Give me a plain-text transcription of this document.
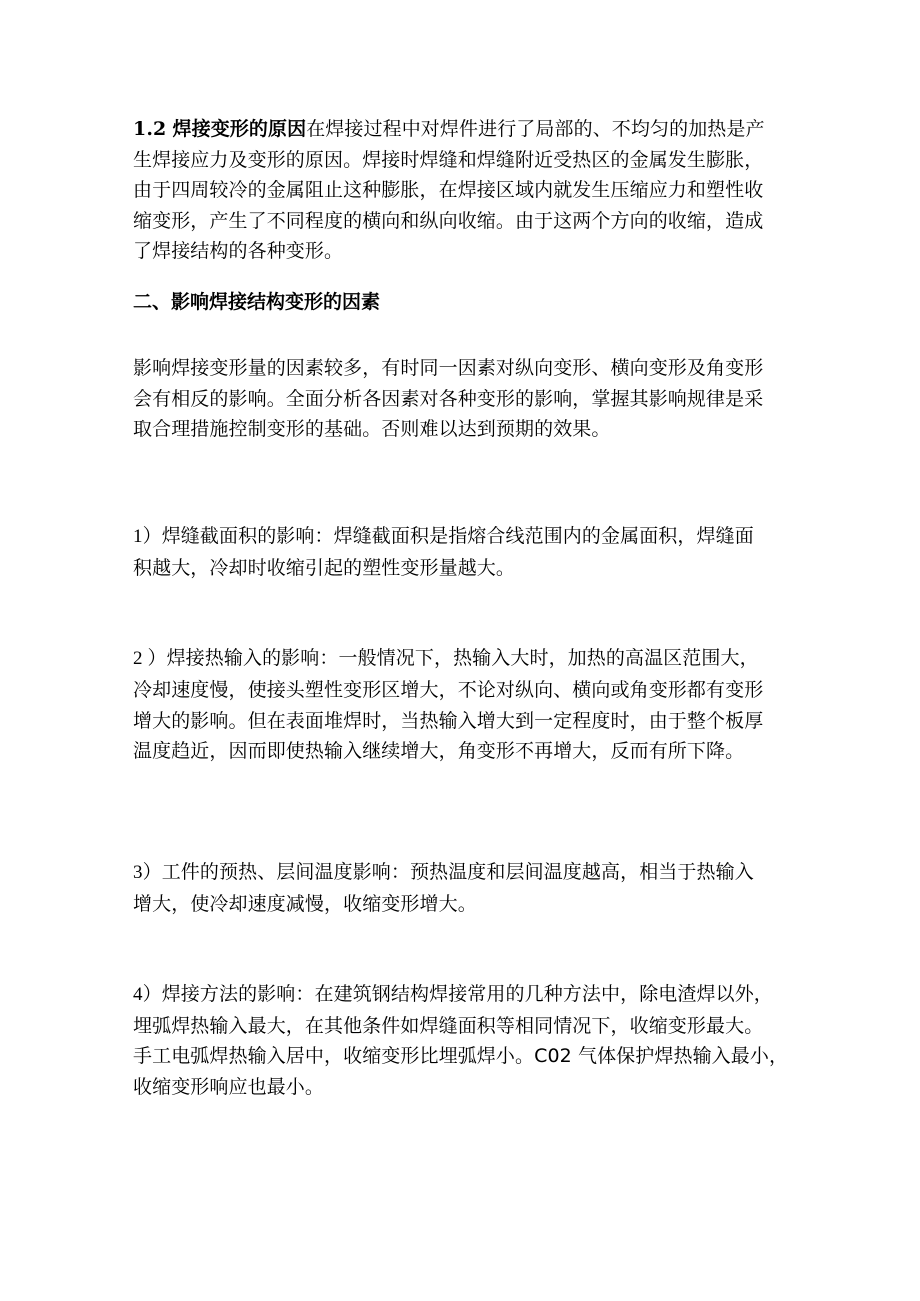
1.2 焊接变形的原因在焊接过程中对焊件进行了局部的、不均匀的加热是产
生焊接应力及变形的原因。焊接时焊缝和焊缝附近受热区的金属发生膨胀，
由于四周较冷的金属阻止这种膨胀，在焊接区域内就发生压缩应力和塑性收
缩变形，产生了不同程度的横向和纵向收缩。由于这两个方向的收缩，造成
了焊接结构的各种变形。

二、影响焊接结构变形的因素

影响焊接变形量的因素较多，有时同一因素对纵向变形、横向变形及角变形
会有相反的影响。全面分析各因素对各种变形的影响，掌握其影响规律是采
取合理措施控制变形的基础。否则难以达到预期的效果。

1）焊缝截面积的影响：焊缝截面积是指熔合线范围内的金属面积，焊缝面
积越大，冷却时收缩引起的塑性变形量越大。

2 ）焊接热输入的影响：一般情况下，热输入大时，加热的高温区范围大，
冷却速度慢，使接头塑性变形区增大，不论对纵向、横向或角变形都有变形
增大的影响。但在表面堆焊时，当热输入增大到一定程度时，由于整个板厚
温度趋近，因而即使热输入继续增大，角变形不再增大，反而有所下降。

3）工件的预热、层间温度影响：预热温度和层间温度越高，相当于热输入
增大，使冷却速度减慢，收缩变形增大。

4）焊接方法的影响：在建筑钢结构焊接常用的几种方法中，除电渣焊以外，
埋弧焊热输入最大，在其他条件如焊缝面积等相同情况下，收缩变形最大。
手工电弧焊热输入居中，收缩变形比埋弧焊小。C02 气体保护焊热输入最小，
收缩变形响应也最小。
